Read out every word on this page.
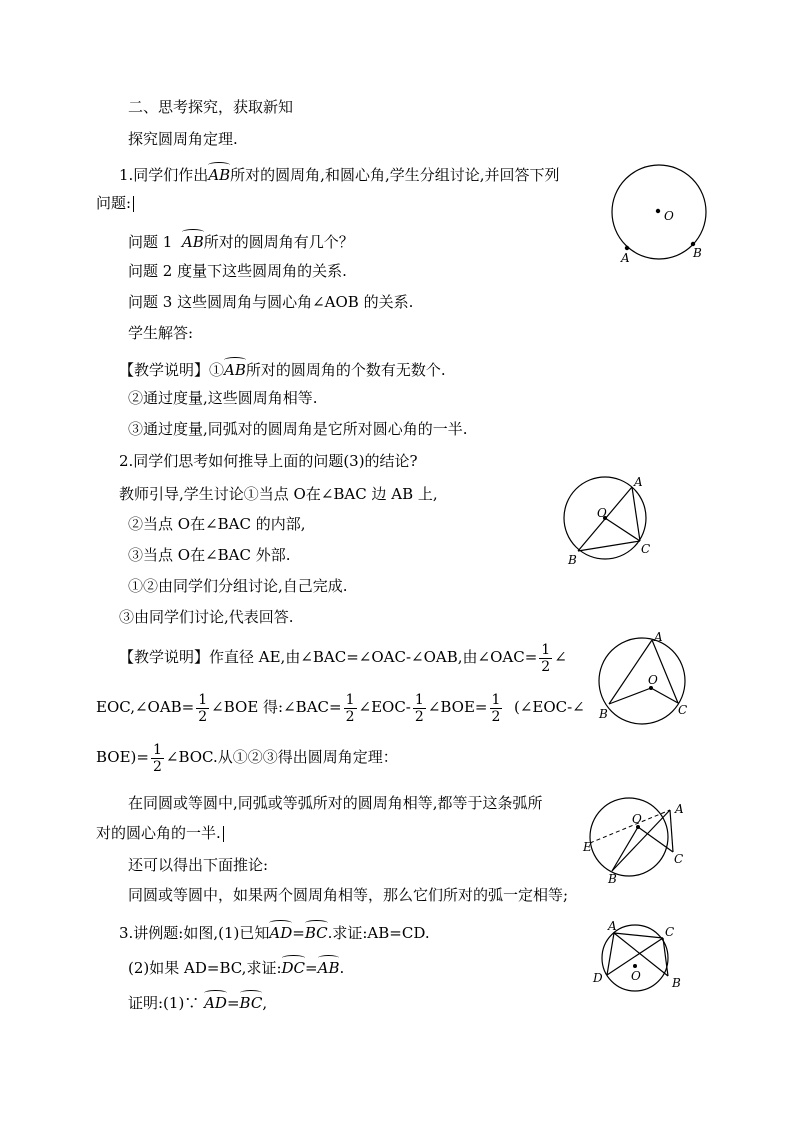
二、思考探究，获取新知
探究圆周角定理.
1.同学们作出AB所对的圆周角,和圆心角,学生分组讨论,并回答下列
问题:
问题 1 AB所对的圆周角有几个？
问题 2 度量下这些圆周角的关系.
问题 3 这些圆周角与圆心角∠AOB 的关系.
学生解答:
【教学说明】①AB所对的圆周角的个数有无数个.
②通过度量,这些圆周角相等.
③通过度量,同弧对的圆周角是它所对圆心角的一半.
2.同学们思考如何推导上面的问题(3)的结论?
教师引导,学生讨论①当点 O在∠BAC 边 AB 上,
②当点 O在∠BAC 的内部,
③当点 O在∠BAC 外部.
①②由同学们分组讨论,自己完成.
③由同学们讨论,代表回答.
【教学说明】作直径 AE,由∠BAC=∠OAC-∠OAB,由∠OAC= $\frac{1}{2}$ ∠
EOC,∠OAB= $\frac{1}{2}$ ∠BOE 得:∠BAC= $\frac{1}{2}$ ∠EOC- $\frac{1}{2}$ ∠BOE= $\frac{1}{2}$ (∠EOC-∠
$BOE)= \frac{1}{2}$ ∠BOC.从①②③得出圆周角定理：
在同圆或等圆中,同弧或等弧所对的圆周角相等,都等于这条弧所
对的圆心角的一半.
还可以得出下面推论:
同圆或等圆中，如果两个圆周角相等，那么它们所对的弧一定相等;
3.讲例题:如图,(1)已知AD=BC.求证:AB=CD.
(2)如果 AD=BC,求证:DC=AB.
证明:(1)∵ AD=BC,
O
A	B
O
A
B
C
O
A
B	C
O
A
B
C
E
O
A	C
D	B
